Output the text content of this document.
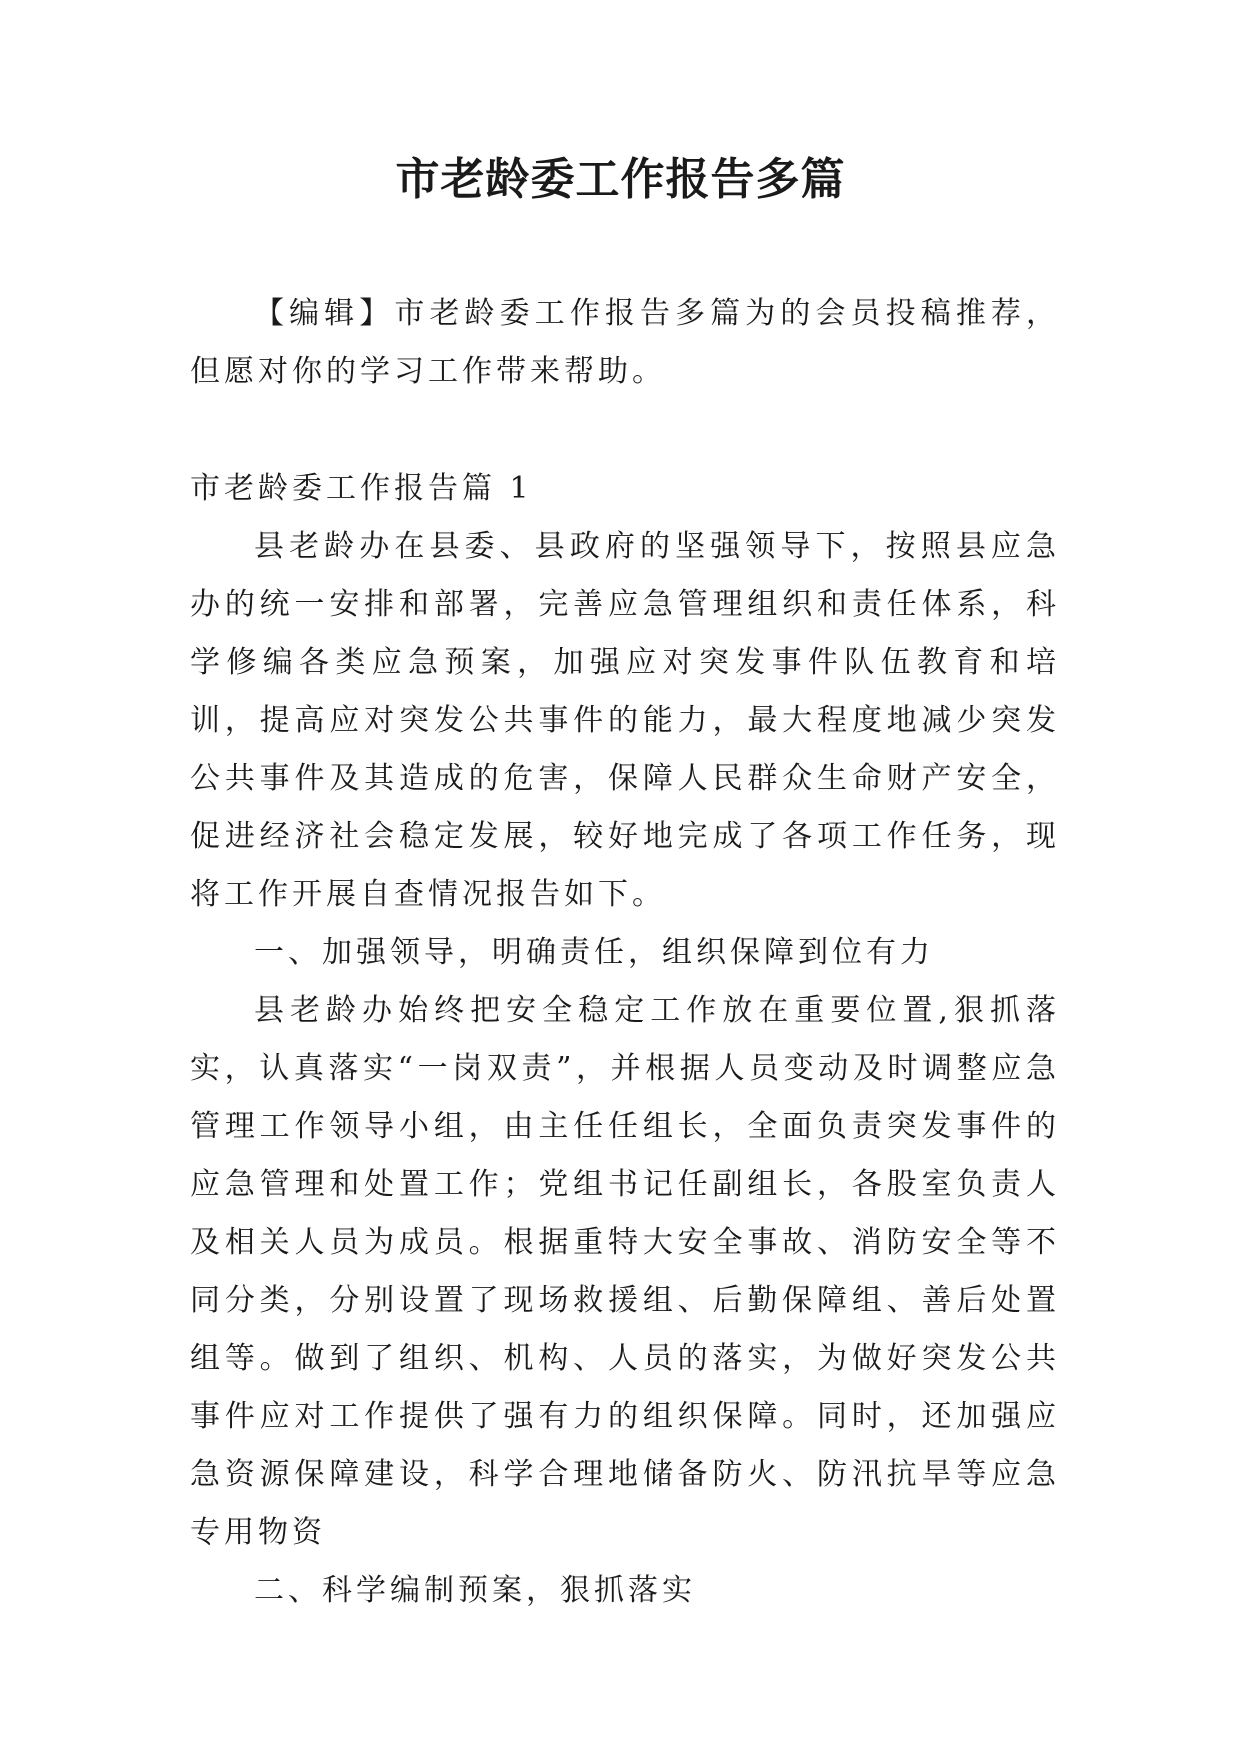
市老龄委工作报告多篇

【编辑】市老龄委工作报告多篇为的会员投稿推荐，但愿对你的学习工作带来帮助。

市老龄委工作报告篇 1

县老龄办在县委、县政府的坚强领导下，按照县应急办的统一安排和部署，完善应急管理组织和责任体系，科学修编各类应急预案，加强应对突发事件队伍教育和培训，提高应对突发公共事件的能力，最大程度地减少突发公共事件及其造成的危害，保障人民群众生命财产安全，促进经济社会稳定发展，较好地完成了各项工作任务，现将工作开展自查情况报告如下。

一、加强领导，明确责任，组织保障到位有力

县老龄办始终把安全稳定工作放在重要位置,狠抓落实，认真落实“一岗双责”，并根据人员变动及时调整应急管理工作领导小组，由主任任组长，全面负责突发事件的应急管理和处置工作；党组书记任副组长，各股室负责人及相关人员为成员。根据重特大安全事故、消防安全等不同分类，分别设置了现场救援组、后勤保障组、善后处置组等。做到了组织、机构、人员的落实，为做好突发公共事件应对工作提供了强有力的组织保障。同时，还加强应急资源保障建设，科学合理地储备防火、防汛抗旱等应急专用物资

二、科学编制预案，狠抓落实
